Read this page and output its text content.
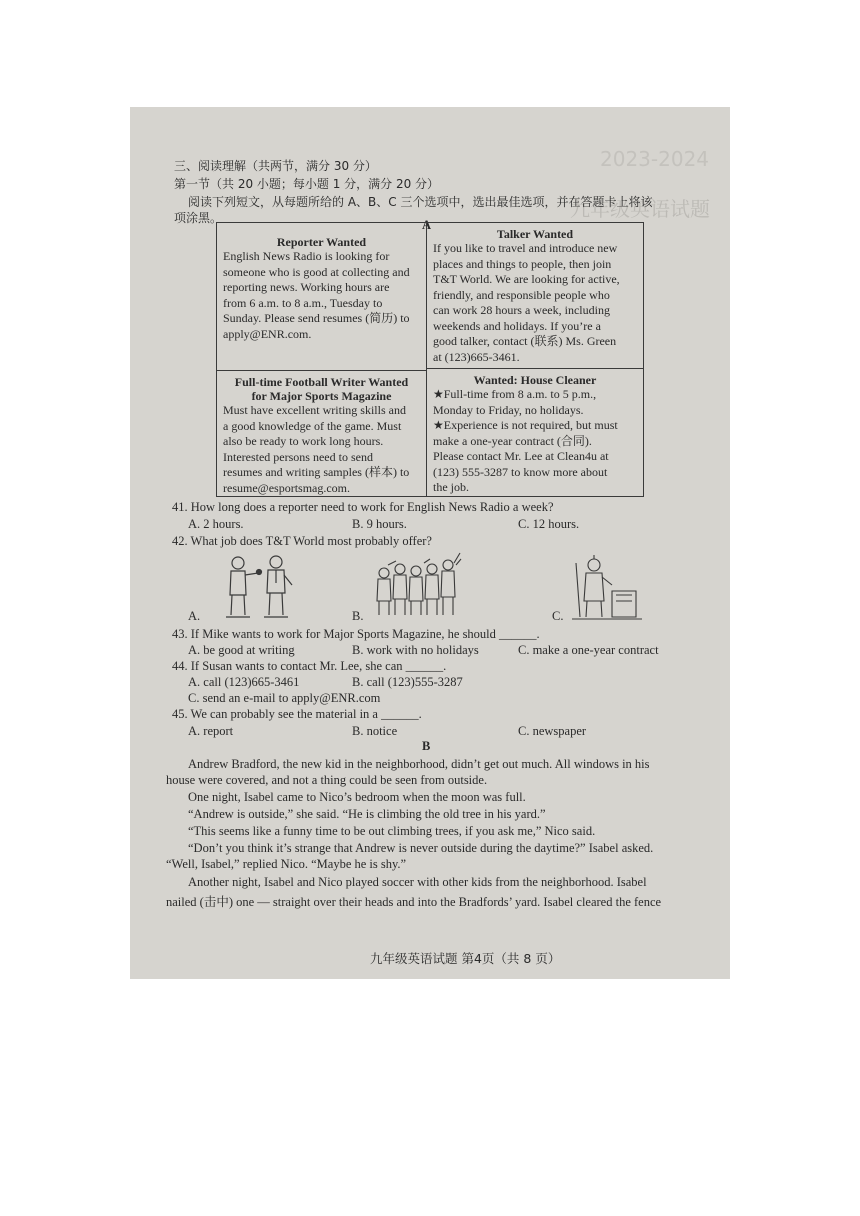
2023-2024
九年级英语试题
三、阅读理解（共两节，满分 30 分）
第一节（共 20 小题；每小题 1 分，满分 20 分）
阅读下列短文，从每题所给的 A、B、C 三个选项中，选出最佳选项，并在答题卡上将该
项涂黑。	A
Reporter Wanted
English News Radio is looking for
someone who is good at collecting and
reporting news. Working hours are
from 6 a.m. to 8 a.m., Tuesday to
Sunday. Please send resumes (简历) to
apply@ENR.com.
Talker Wanted
If you like to travel and introduce new
places and things to people, then join
T&T World. We are looking for active,
friendly, and responsible people who
can work 28 hours a week, including
weekends and holidays. If you’re a
good talker, contact (联系) Ms. Green
at (123)665-3461.
Full-time Football Writer Wanted
for Major Sports Magazine
Must have excellent writing skills and
a good knowledge of the game. Must
also be ready to work long hours.
Interested persons need to send
resumes and writing samples (样本) to
resume@esportsmag.com.
Wanted: House Cleaner
★Full-time from 8 a.m. to 5 p.m.,
Monday to Friday, no holidays.
★Experience is not required, but must
make a one-year contract (合同).
Please contact Mr. Lee at Clean4u at
(123) 555-3287 to know more about
the job.
41. How long does a reporter need to work for English News Radio a week?
A. 2 hours.	B. 9 hours.	C. 12 hours.
42. What job does T&T World most probably offer?
A.	B.	C.
43. If Mike wants to work for Major Sports Magazine, he should ______.
A. be good at writing	B. work with no holidays	C. make a one-year contract
44. If Susan wants to contact Mr. Lee, she can ______.
A. call (123)665-3461	B. call (123)555-3287
C. send an e-mail to apply@ENR.com
45. We can probably see the material in a ______.
A. report	B. notice	C. newspaper
B
Andrew Bradford, the new kid in the neighborhood, didn’t get out much. All windows in his
house were covered, and not a thing could be seen from outside.
One night, Isabel came to Nico’s bedroom when the moon was full.
“Andrew is outside,” she said. “He is climbing the old tree in his yard.”
“This seems like a funny time to be out climbing trees, if you ask me,” Nico said.
“Don’t you think it’s strange that Andrew is never outside during the daytime?” Isabel asked.
“Well, Isabel,” replied Nico. “Maybe he is shy.”
Another night, Isabel and Nico played soccer with other kids from the neighborhood. Isabel
nailed (击中) one — straight over their heads and into the Bradfords’ yard. Isabel cleared the fence
九年级英语试题 第4页（共 8 页）
